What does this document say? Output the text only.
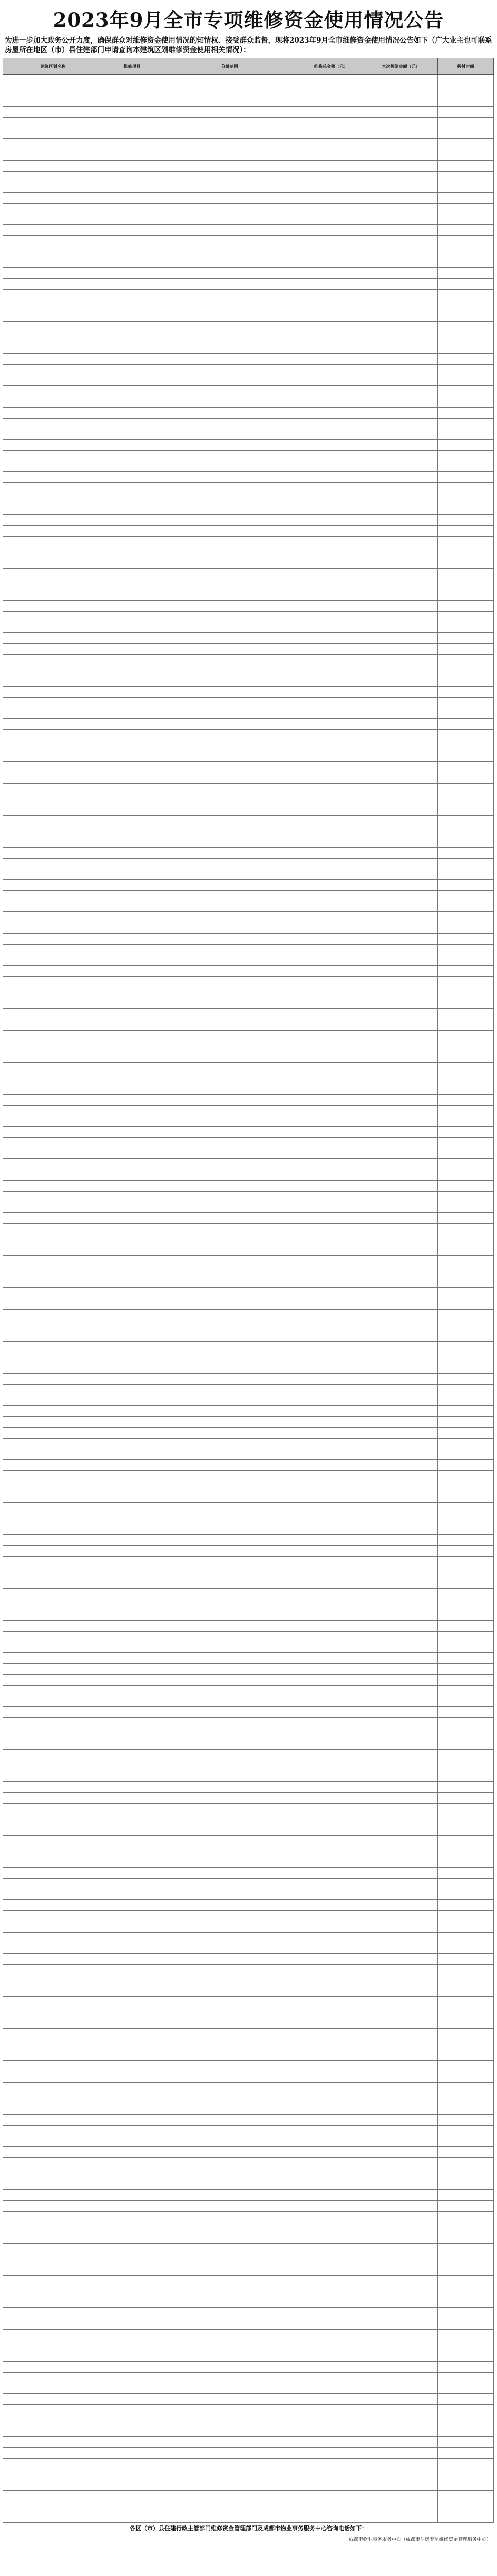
2023年9月全市专项维修资金使用情况公告

为进一步加大政务公开力度，确保群众对维修资金使用情况的知情权、接受群众监督，现将2023年9月全市维修资金使用情况公告如下（广大业主也可联系房屋所在地区（市）县住建部门申请查询本建筑区划维修资金使用相关情况）：

建筑区划名称	维修项目	分摊范围	维修总金额（元）	本次拨款金额（元）	拨付时间

各区（市）县住建行政主管部门维修资金管理部门及成都市物业事务服务中心咨询电话如下：
成都市物业事务服务中心（成都市住房专项维修资金管理服务中心）
